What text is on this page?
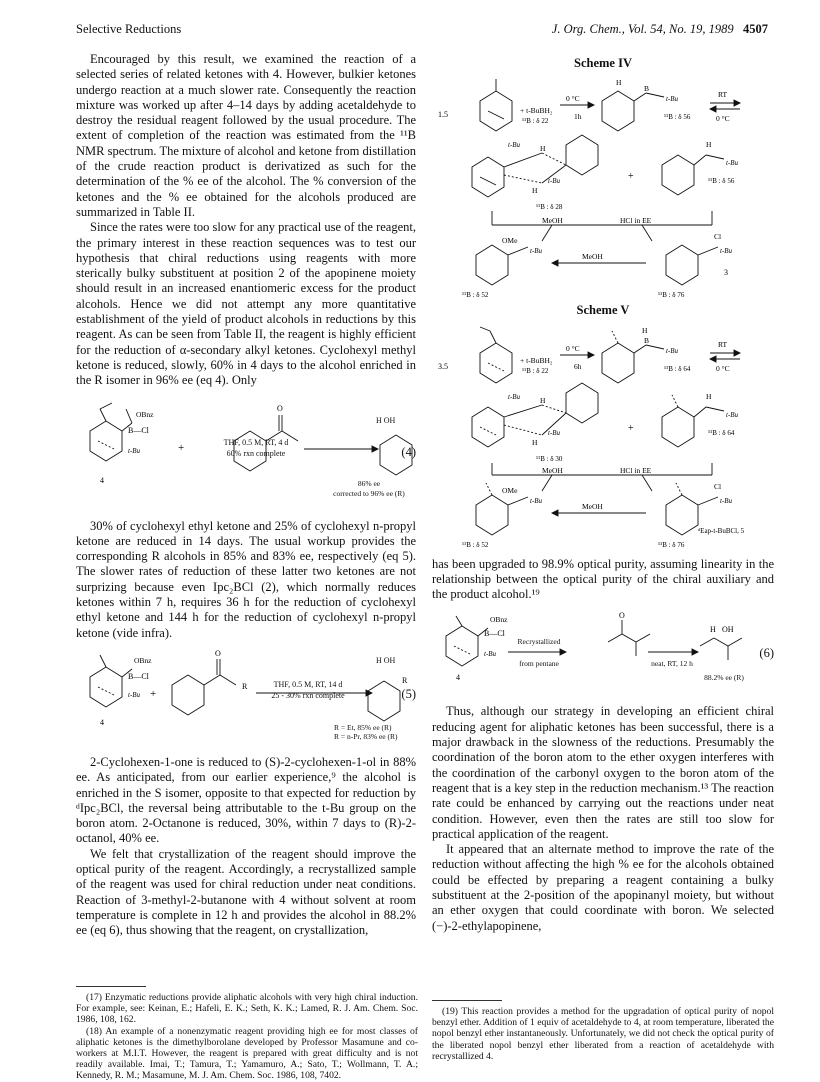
Selective Reductions	J. Org. Chem., Vol. 54, No. 19, 1989 4507

Encouraged by this result, we examined the reaction of a selected series of related ketones with 4. However, bulkier ketones undergo reaction at a much slower rate. Consequently the reaction mixture was worked up after 4–14 days by adding acetaldehyde to destroy the residual reagent followed by the usual procedure. The extent of completion of the reaction was estimated from the ¹¹B NMR spectrum. The mixture of alcohol and ketone from distillation of the crude reaction product is derivatized as such for the determination of the % ee of the alcohol. The % conversion of the ketones and the % ee obtained for the alcohols produced are summarized in Table II.

Since the rates were too slow for any practical use of the reagent, the primary interest in these reaction sequences was to test our hypothesis that chiral reductions using reagents with more sterically bulky substituent at position 2 of the apopinene moiety should result in an increased enantiomeric excess for the product alcohols. Hence we did not attempt any more quantitative establishment of the yield of product alcohols in reductions by this reagent. As can be seen from Table II, the reagent is highly efficient for the reduction of α-secondary alkyl ketones. Cyclohexyl methyl ketone is reduced, slowly, 60% in 4 days to the alcohol enriched in the R isomer in 96% ee (eq 4). Only

OBnz
B—Cl
t-Bu
4
+
O
THF, 0.5 M, RT, 4 d
60% rxn complete
H OH
86% ee
corrected to 96% ee (R)
(4)

30% of cyclohexyl ethyl ketone and 25% of cyclohexyl n-propyl ketone are reduced in 14 days. The usual workup provides the corresponding R alcohols in 85% and 83% ee, respectively (eq 5). The slower rates of reduction of these latter two ketones are not surprizing because even Ipc₂BCl (2), which normally reduces ketones within 7 h, requires 36 h for the reduction of cyclohexyl ethyl ketone and 144 h for the reduction of cyclohexyl n-propyl ketone (vide infra).

OBnz
B—Cl
t-Bu
4
+
O
R
R
THF, 0.5 M, RT, 14 d
25 - 30% rxn complete
H OH
R = Et, 85% ee (R)
R = n-Pr, 83% ee (R)
(5)

2-Cyclohexen-1-one is reduced to (S)-2-cyclohexen-1-ol in 88% ee. As anticipated, from our earlier experience,⁹ the alcohol is enriched in the S isomer, opposite to that expected for reduction by ᵈIpc₂BCl, the reversal being attributable to the t-Bu group on the boron atom. 2-Octanone is reduced, 30%, within 7 days to (R)-2-octanol, 40% ee.

We felt that crystallization of the reagent should improve the optical purity of the reagent. Accordingly, a recrystallized sample of the reagent was used for chiral reduction under neat conditions. Reaction of 3-methyl-2-butanone with 4 without solvent at room temperature is complete in 12 h and provides the alcohol in 88.2% ee (eq 6), thus showing that the reagent, on crystallization,

Scheme IV
1.5	+ t-BuBH₂
¹¹B : δ 22
0 °C
1h
H
B
t-Bu
¹¹B : δ 56
RT
0 °C
t-Bu	H
H
t-Bu
¹¹B : δ 28
+
H
t-Bu
¹¹B : δ 56
MeOH	HCl in EE
OMe
t-Bu
MeOH
Cl
t-Bu
3
¹¹B : δ 52	¹¹B : δ 76
Scheme V
3.5
+ t-BuBH₂
¹¹B : δ 22
0 °C
6h
H
B
t-Bu
¹¹B : δ 64
RT
0 °C
t-Bu	H
H
t-Bu
¹¹B : δ 30
+
H
t-Bu
¹¹B : δ 64
MeOH	HCl in EE
OMe
t-Bu
MeOH
Cl
t-Bu
ᵈEap-t-BuBCl, 5
¹¹B : δ 52	¹¹B : δ 76

has been upgraded to 98.9% optical purity, assuming linearity in the relationship between the optical purity of the chiral auxiliary and the product alcohol.¹⁹

OBnz
B—Cl
t-Bu
4
O
H OH
Recrystallized
from pentane	neat, RT, 12 h
88.2% ee (R)
(6)

Thus, although our strategy in developing an efficient chiral reducing agent for aliphatic ketones has been successful, there is a major drawback in the slowness of the reductions. Presumably the coordination of the boron atom to the ether oxygen interferes with the coordination of the carbonyl oxygen to the boron atom of the reagent that is a key step in the reduction mechanism.¹³ The reaction rate could be enhanced by carrying out the reactions under neat condition. However, even then the rates are still too slow for practical application of the reagent.

It appeared that an alternate method to improve the rate of the reduction without affecting the high % ee for the alcohols obtained could be effected by preparing a reagent containing a bulky substituent at the 2-position of the apopinanyl moiety, but without an ether oxygen that could coordinate with boron. We selected (−)-2-ethylapopinene,

(17) Enzymatic reductions provide aliphatic alcohols with very high chiral induction. For example, see: Keinan, E.; Hafeli, E. K.; Seth, K. K.; Lamed, R. J. Am. Chem. Soc. 1986, 108, 162.

(18) An example of a nonenzymatic reagent providing high ee for most classes of aliphatic ketones is the dimethylborolane developed by Professor Masamune and co-workers at M.I.T. However, the reagent is prepared with great difficulty and is not readily available. Imai, T.; Tamura, T.; Yamamuro, A.; Sato, T.; Wollmann, T. A.; Kennedy, R. M.; Masamune, M. J. Am. Chem. Soc. 1986, 108, 7402.

(19) This reaction provides a method for the upgradation of optical purity of nopol benzyl ether. Addition of 1 equiv of acetaldehyde to 4, at room temperature, liberated the nopol benzyl ether instantaneously. Unfortunately, we did not check the optical purity of the liberated nopol benzyl ether liberated from a reaction of acetaldehyde with recrystallized 4.
